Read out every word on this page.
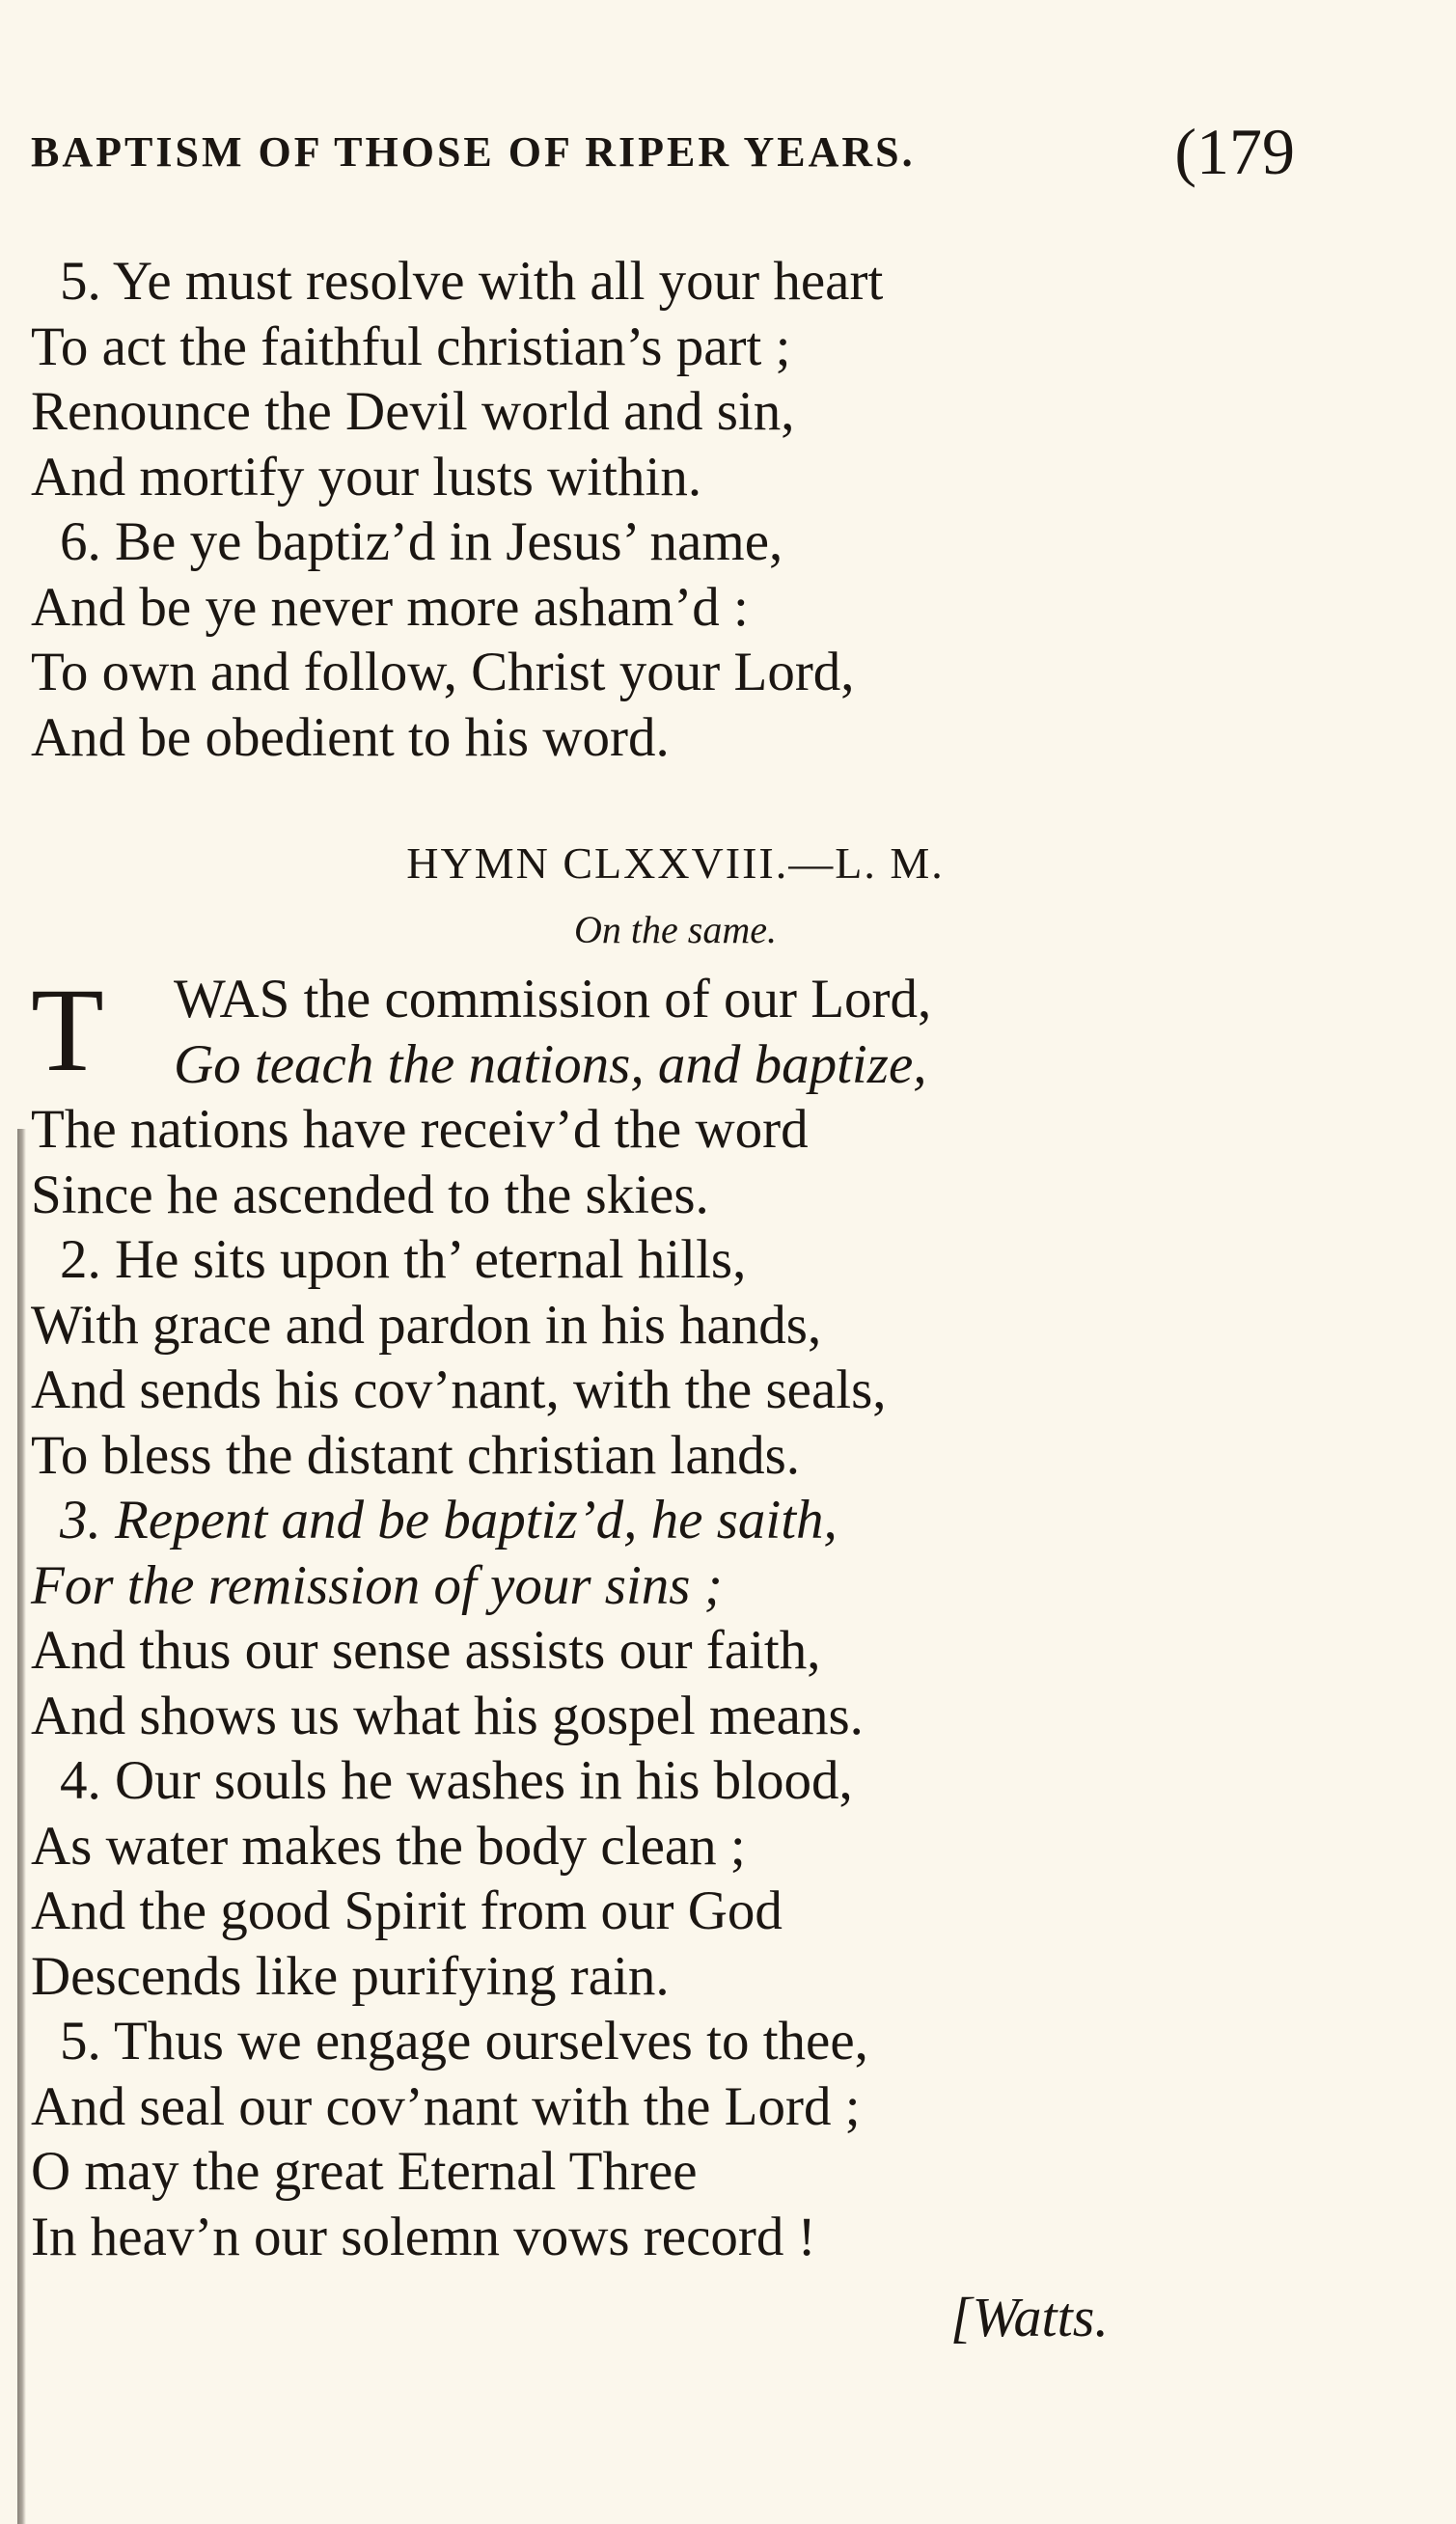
BAPTISM OF THOSE OF RIPER YEARS.	(179
5. Ye must resolve with all your heart
To act the faithful christian’s part ;
Renounce the Devil world and sin,
And mortify your lusts within.
6. Be ye baptiz’d in Jesus’ name,
And be ye never more asham’d :
To own and follow, Christ your Lord,
And be obedient to his word.
HYMN CLXXVIII.—L. M.
On the same.
T WAS the commission of our Lord,
Go teach the nations, and baptize,
The nations have receiv’d the word
Since he ascended to the skies.
2. He sits upon th’ eternal hills,
With grace and pardon in his hands,
And sends his cov’nant, with the seals,
To bless the distant christian lands.
3. Repent and be baptiz’d, he saith,
For the remission of your sins ;
And thus our sense assists our faith,
And shows us what his gospel means.
4. Our souls he washes in his blood,
As water makes the body clean ;
And the good Spirit from our God
Descends like purifying rain.
5. Thus we engage ourselves to thee,
And seal our cov’nant with the Lord ;
O may the great Eternal Three
In heav’n our solemn vows record !
[Watts.
